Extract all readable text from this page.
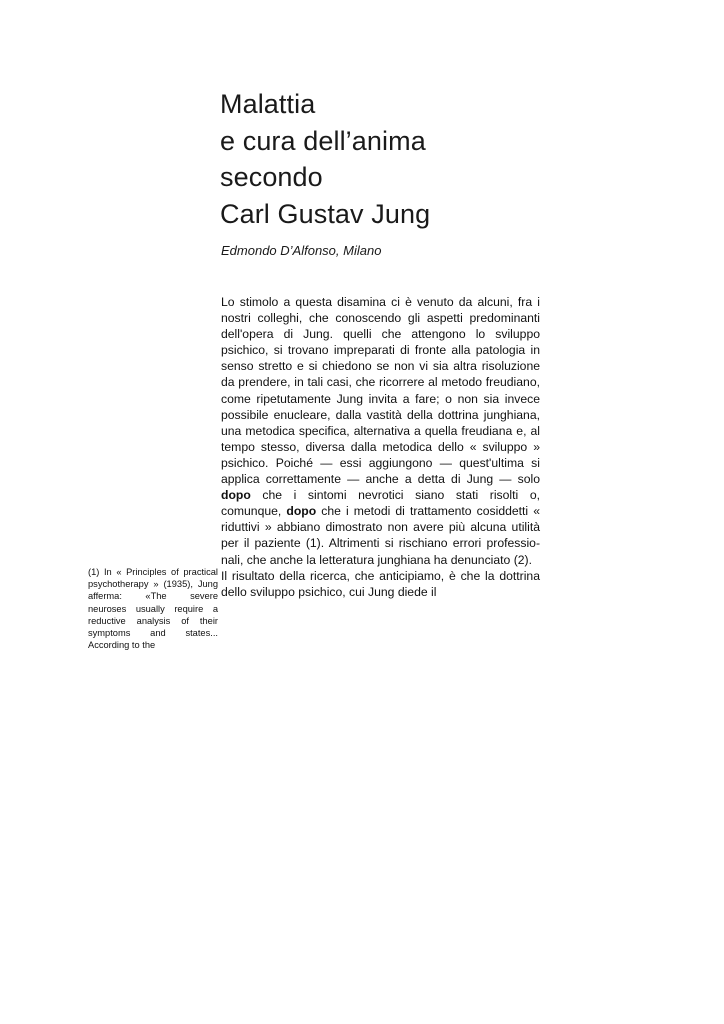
Malattia
e cura dell’anima
secondo
Carl Gustav Jung
Edmondo D’Alfonso, Milano
Lo stimolo a questa disamina ci è venuto da alcuni, fra i
nostri colleghi, che conoscendo gli aspetti predominanti
dell'opera di Jung. quelli che attengono lo sviluppo
psichico, si trovano impreparati di fronte alla patologia in
senso stretto e si chiedono se non vi sia altra risoluzione
da prendere, in tali casi, che ricorrere al metodo freudiano,
come ripetutamente Jung invita a fare; o non sia invece
possibile enucleare, dalla vastità della dottrina junghiana,
una metodica specifica, alternativa a quella freudiana e, al
tempo stesso, diversa dalla metodica dello « sviluppo »
psichico. Poiché — essi aggiungono — quest'ultima si
applica correttamente — anche a detta di Jung — solo
dopo che i sintomi nevrotici siano stati risolti o,
comunque, dopo che i metodi di trattamento cosiddetti «
riduttivi » abbiano dimostrato non avere più alcuna utilità
per il paziente (1). Altrimenti si rischiano errori professio-
nali, che anche la letteratura junghiana ha denunciato (2).
Il risultato della ricerca, che anticipiamo, è che la dottrina
dello sviluppo psichico, cui Jung diede il
(1) In « Principles of practical
psychotherapy » (1935), Jung
afferma: «The severe
neuroses usually require a
reductive analysis of their
symptoms and states...
According to the
